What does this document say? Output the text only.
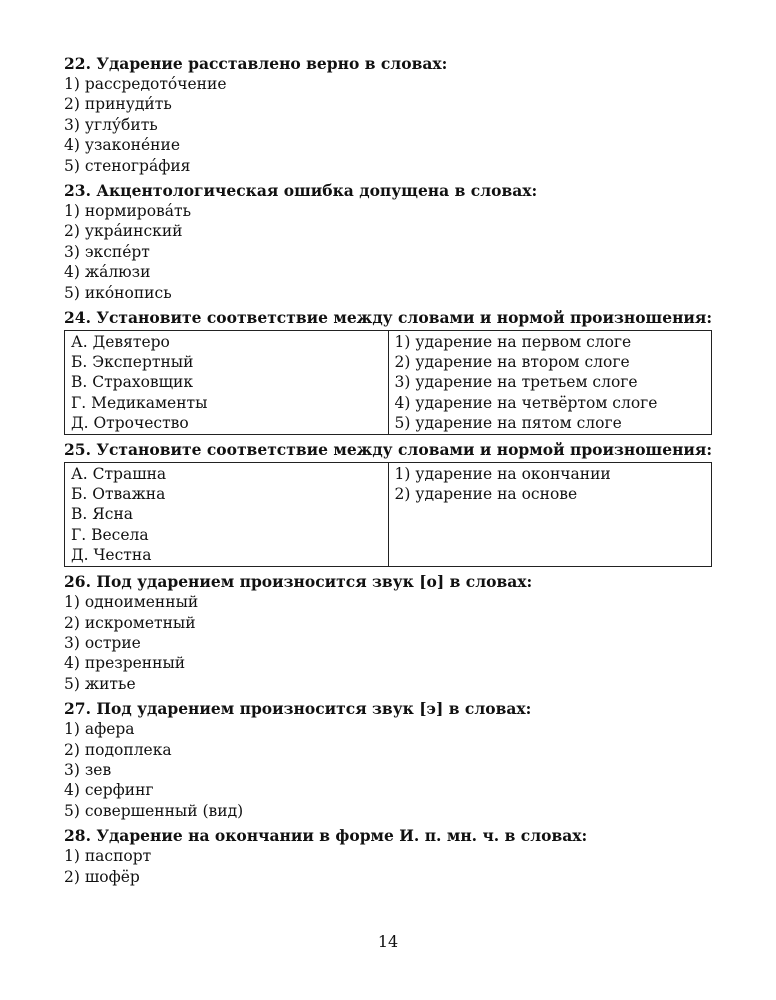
22. Ударение расставлено верно в словах:

1) рассредото́чение
2) принуди́ть
3) углу́бить
4) узаконе́ние
5) стеногра́фия

23. Акцентологическая ошибка допущена в словах:

1) нормирова́ть
2) укра́инский
3) экспе́рт
4) жа́люзи
5) ико́нопись

24. Установите соответствие между словами и нормой произношения:

А. Девятеро
Б. Экспертный
В. Страховщик
Г. Медикаменты
Д. Отрочество

1) ударение на первом слоге
2) ударение на втором слоге
3) ударение на третьем слоге
4) ударение на четвёртом слоге
5) ударение на пятом слоге

25. Установите соответствие между словами и нормой произношения:

А. Страшна
Б. Отважна
В. Ясна
Г. Весела
Д. Честна

1) ударение на окончании
2) ударение на основе

26. Под ударением произносится звук [о] в словах:

1) одноименный
2) искрометный
3) острие
4) презренный
5) житье

27. Под ударением произносится звук [э] в словах:

1) афера
2) подоплека
3) зев
4) серфинг
5) совершенный (вид)

28. Ударение на окончании в форме И. п. мн. ч. в словах:

1) паспорт
2) шофёр
14
